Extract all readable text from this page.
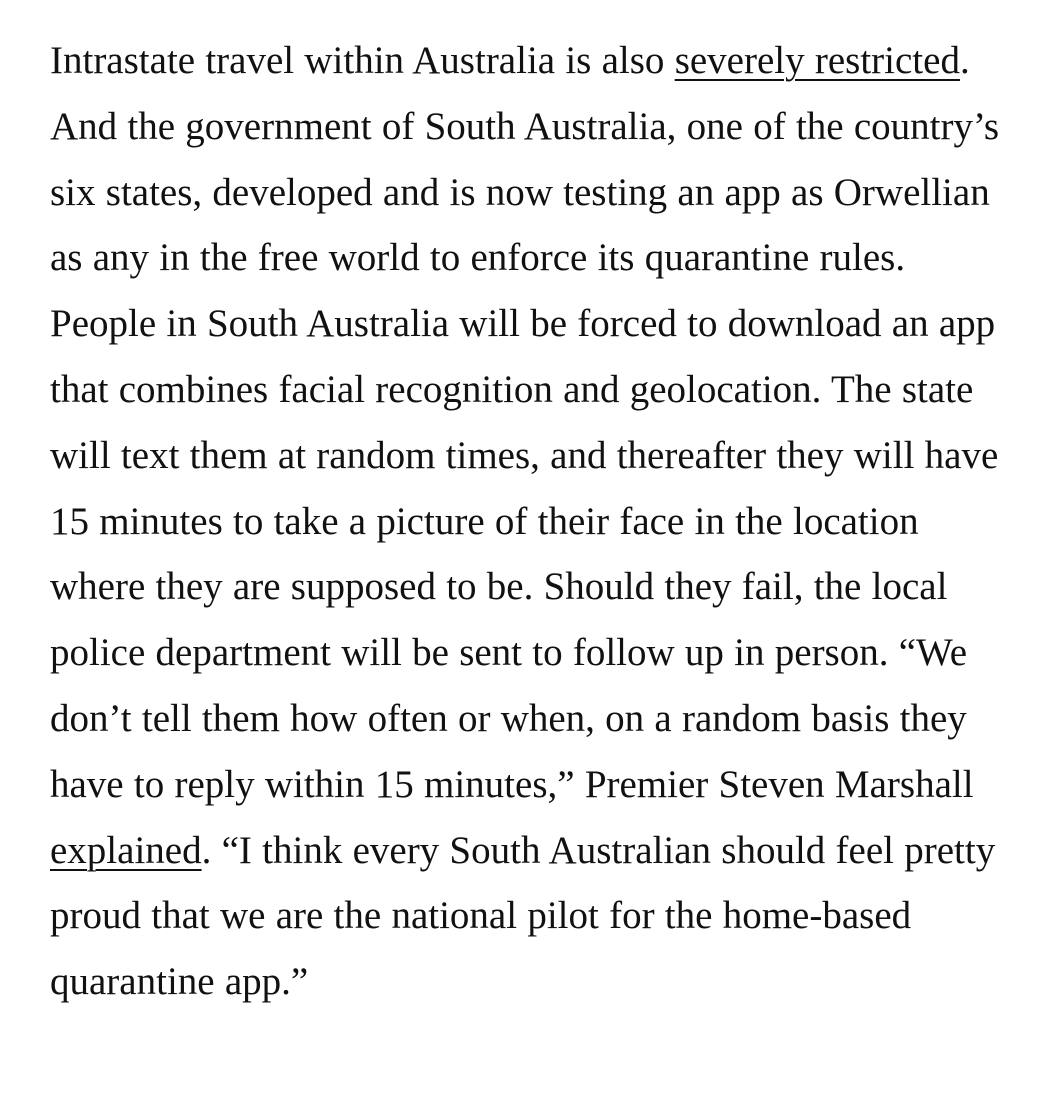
Intrastate travel within Australia is also severely restricted. And the government of South Australia, one of the country’s six states, developed and is now testing an app as Orwellian as any in the free world to enforce its quarantine rules. People in South Australia will be forced to download an app that combines facial recognition and geolocation. The state will text them at random times, and thereafter they will have 15 minutes to take a picture of their face in the location where they are supposed to be. Should they fail, the local police department will be sent to follow up in person. “We don’t tell them how often or when, on a random basis they have to reply within 15 minutes,” Premier Steven Marshall explained. “I think every South Australian should feel pretty proud that we are the national pilot for the home-based quarantine app.”
